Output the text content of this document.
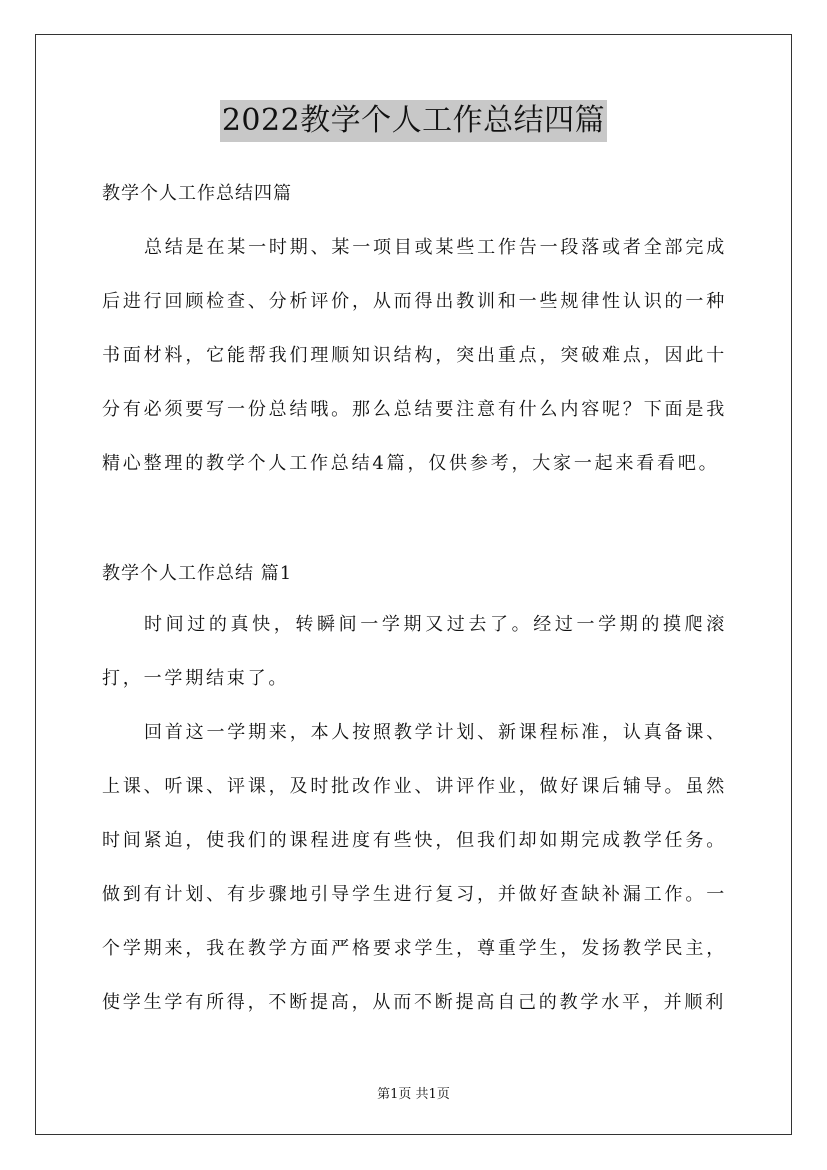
2022教学个人工作总结四篇
教学个人工作总结四篇

总结是在某一时期、某一项目或某些工作告一段落或者全部完成后进行回顾检查、分析评价，从而得出教训和一些规律性认识的一种书面材料，它能帮我们理顺知识结构，突出重点，突破难点，因此十分有必须要写一份总结哦。那么总结要注意有什么内容呢？下面是我精心整理的教学个人工作总结4篇，仅供参考，大家一起来看看吧。

教学个人工作总结 篇1

时间过的真快，转瞬间一学期又过去了。经过一学期的摸爬滚打，一学期结束了。

回首这一学期来，本人按照教学计划、新课程标准，认真备课、上课、听课、评课，及时批改作业、讲评作业，做好课后辅导。虽然时间紧迫，使我们的课程进度有些快，但我们却如期完成教学任务。做到有计划、有步骤地引导学生进行复习，并做好查缺补漏工作。一个学期来，我在教学方面严格要求学生，尊重学生，发扬教学民主，使学生学有所得，不断提高，从而不断提高自己的教学水平，并顺利

第1页 共1页
